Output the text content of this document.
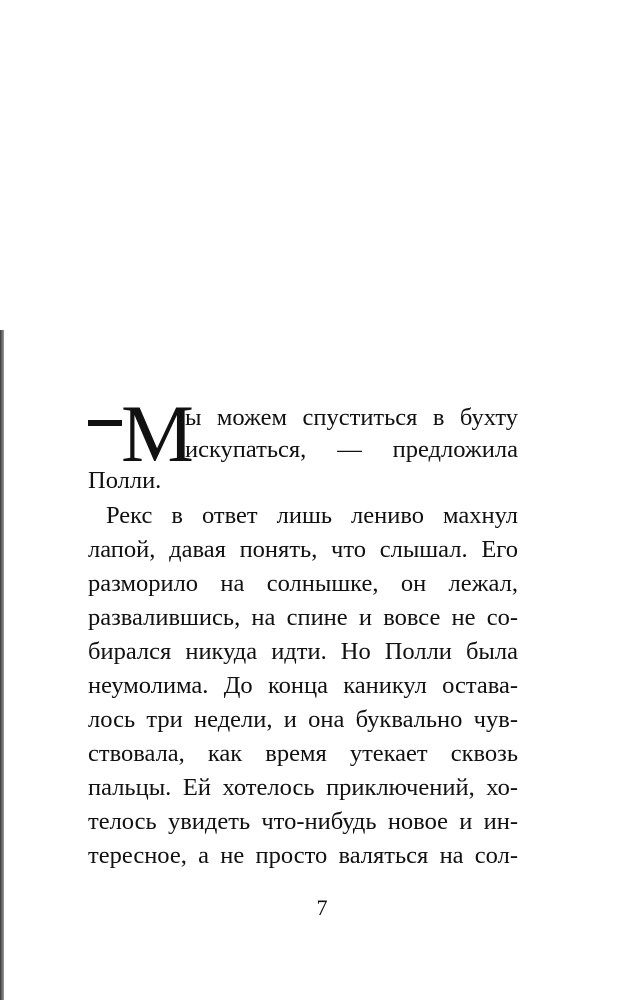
М
ы можем спуститься в бухту
искупаться, — предложила
Полли.
Рекс в ответ лишь лениво махнул
лапой, давая понять, что слышал. Его
разморило на солнышке, он лежал,
развалившись, на спине и вовсе не со-
бирался никуда идти. Но Полли была
неумолима. До конца каникул остава-
лось три недели, и она буквально чув-
ствовала, как время утекает сквозь
пальцы. Ей хотелось приключений, хо-
телось увидеть что-нибудь новое и ин-
тересное, а не просто валяться на сол-
7
